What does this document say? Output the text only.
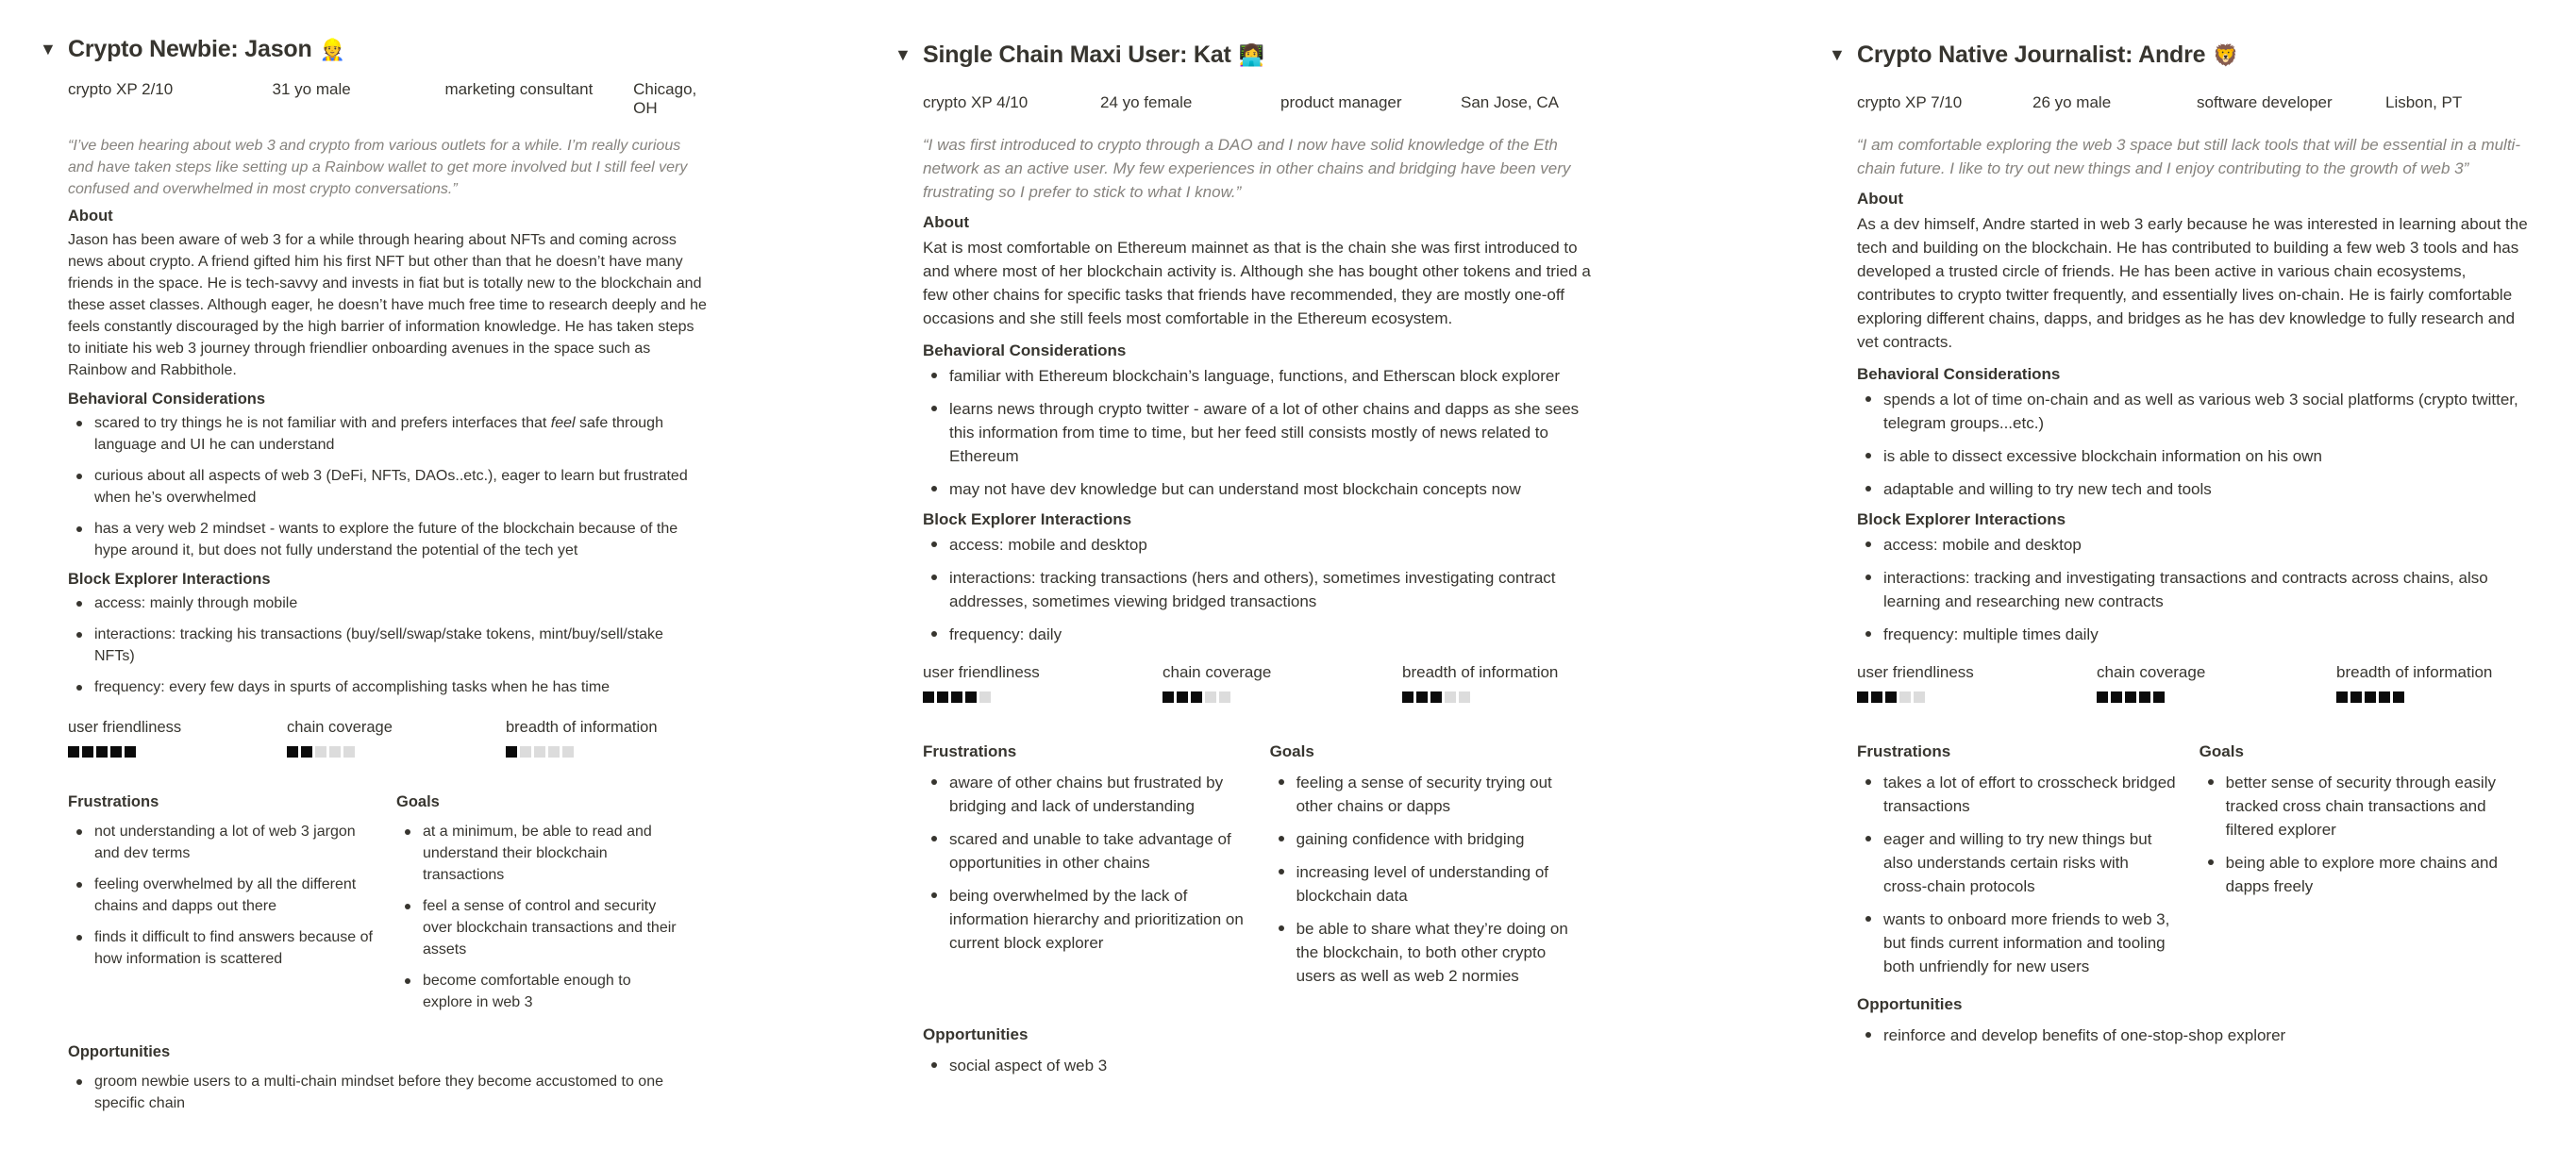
▼ Crypto Newbie: Jason 👷
crypto XP 2/10	31 yo male	marketing consultant	Chicago, OH
“I’ve been hearing about web 3 and crypto from various outlets for a while. I’m really curious and have taken steps like setting up a Rainbow wallet to get more involved but I still feel very confused and overwhelmed in most crypto conversations.”
About
Jason has been aware of web 3 for a while through hearing about NFTs and coming across news about crypto. A friend gifted him his first NFT but other than that he doesn’t have many friends in the space. He is tech-savvy and invests in fiat but is totally new to the blockchain and these asset classes. Although eager, he doesn’t have much free time to research deeply and he feels constantly discouraged by the high barrier of information knowledge. He has taken steps to initiate his web 3 journey through friendlier onboarding avenues in the space such as Rainbow and Rabbithole.
Behavioral Considerations
scared to try things he is not familiar with and prefers interfaces that feel safe through language and UI he can understand
curious about all aspects of web 3 (DeFi, NFTs, DAOs..etc.), eager to learn but frustrated when he’s overwhelmed
has a very web 2 mindset - wants to explore the future of the blockchain because of the hype around it, but does not fully understand the potential of the tech yet
Block Explorer Interactions
access: mainly through mobile
interactions: tracking his transactions (buy/sell/swap/stake tokens, mint/buy/sell/stake NFTs)
frequency: every few days in spurts of accomplishing tasks when he has time
user friendliness	chain coverage	breadth of information
Frustrations
not understanding a lot of web 3 jargon and dev terms
feeling overwhelmed by all the different chains and dapps out there
finds it difficult to find answers because of how information is scattered
Goals
at a minimum, be able to read and understand their blockchain transactions
feel a sense of control and security over blockchain transactions and their assets
become comfortable enough to explore in web 3
Opportunities
groom newbie users to a multi-chain mindset before they become accustomed to one specific chain
▼ Single Chain Maxi User: Kat 👩‍💻
crypto XP 4/10	24 yo female	product manager	San Jose, CA
“I was first introduced to crypto through a DAO and I now have solid knowledge of the Eth network as an active user. My few experiences in other chains and bridging have been very frustrating so I prefer to stick to what I know.”
About
Kat is most comfortable on Ethereum mainnet as that is the chain she was first introduced to and where most of her blockchain activity is. Although she has bought other tokens and tried a few other chains for specific tasks that friends have recommended, they are mostly one-off occasions and she still feels most comfortable in the Ethereum ecosystem.
Behavioral Considerations
familiar with Ethereum blockchain’s language, functions, and Etherscan block explorer
learns news through crypto twitter - aware of a lot of other chains and dapps as she sees this information from time to time, but her feed still consists mostly of news related to Ethereum
may not have dev knowledge but can understand most blockchain concepts now
Block Explorer Interactions
access: mobile and desktop
interactions: tracking transactions (hers and others), sometimes investigating contract addresses, sometimes viewing bridged transactions
frequency: daily
user friendliness	chain coverage	breadth of information
Frustrations
aware of other chains but frustrated by bridging and lack of understanding
scared and unable to take advantage of opportunities in other chains
being overwhelmed by the lack of information hierarchy and prioritization on current block explorer
Goals
feeling a sense of security trying out other chains or dapps
gaining confidence with bridging
increasing level of understanding of blockchain data
be able to share what they’re doing on the blockchain, to both other crypto users as well as web 2 normies
Opportunities
social aspect of web 3
▼ Crypto Native Journalist: Andre 🦁
crypto XP 7/10	26 yo male	software developer	Lisbon, PT
“I am comfortable exploring the web 3 space but still lack tools that will be essential in a multi-chain future. I like to try out new things and I enjoy contributing to the growth of web 3”
About
As a dev himself, Andre started in web 3 early because he was interested in learning about the tech and building on the blockchain. He has contributed to building a few web 3 tools and has developed a trusted circle of friends. He has been active in various chain ecosystems, contributes to crypto twitter frequently, and essentially lives on-chain. He is fairly comfortable exploring different chains, dapps, and bridges as he has dev knowledge to fully research and vet contracts.
Behavioral Considerations
spends a lot of time on-chain and as well as various web 3 social platforms (crypto twitter, telegram groups...etc.)
is able to dissect excessive blockchain information on his own
adaptable and willing to try new tech and tools
Block Explorer Interactions
access: mobile and desktop
interactions: tracking and investigating transactions and contracts across chains, also learning and researching new contracts
frequency: multiple times daily
user friendliness	chain coverage	breadth of information
Frustrations
takes a lot of effort to crosscheck bridged transactions
eager and willing to try new things but also understands certain risks with cross-chain protocols
wants to onboard more friends to web 3, but finds current information and tooling both unfriendly for new users
Goals
better sense of security through easily tracked cross chain transactions and filtered explorer
being able to explore more chains and dapps freely
Opportunities
reinforce and develop benefits of one-stop-shop explorer
